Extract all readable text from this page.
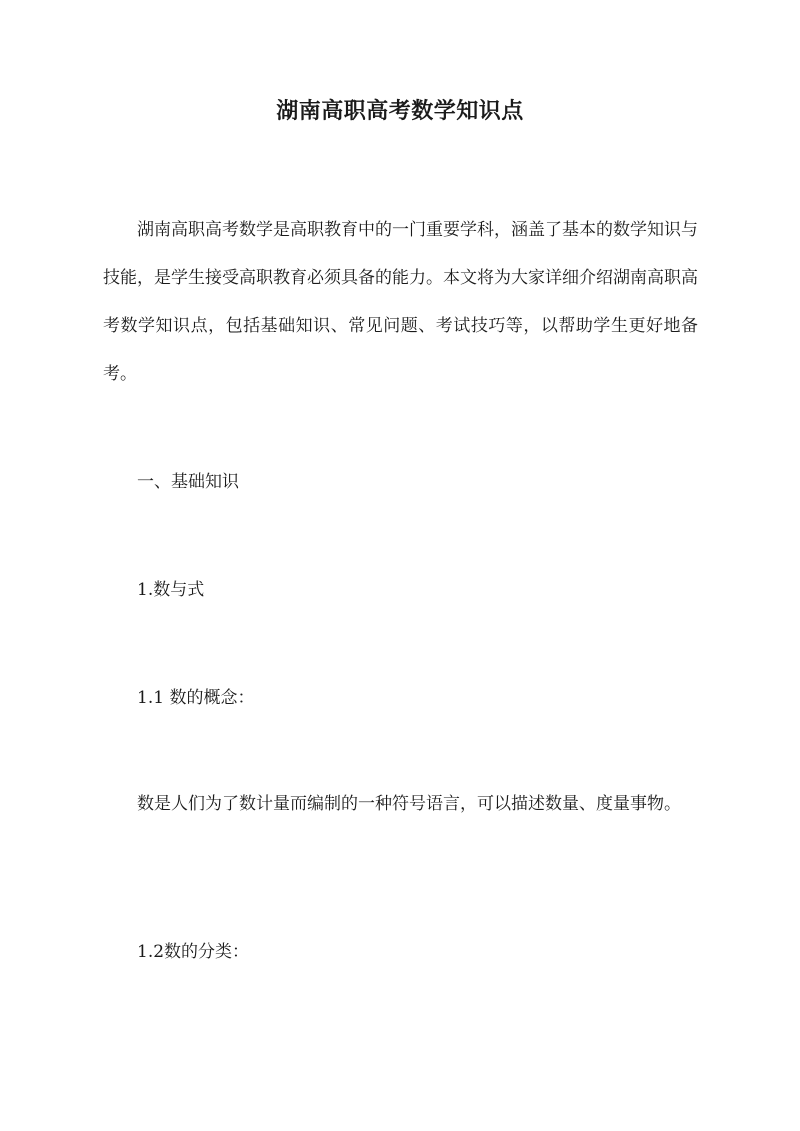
湖南高职高考数学知识点

湖南高职高考数学是高职教育中的一门重要学科，涵盖了基本的数学知识与技能，是学生接受高职教育必须具备的能力。本文将为大家详细介绍湖南高职高考数学知识点，包括基础知识、常见问题、考试技巧等，以帮助学生更好地备考。

一、基础知识

1.数与式

1.1 数的概念：

数是人们为了数计量而编制的一种符号语言，可以描述数量、度量事物。

1.2数的分类：
